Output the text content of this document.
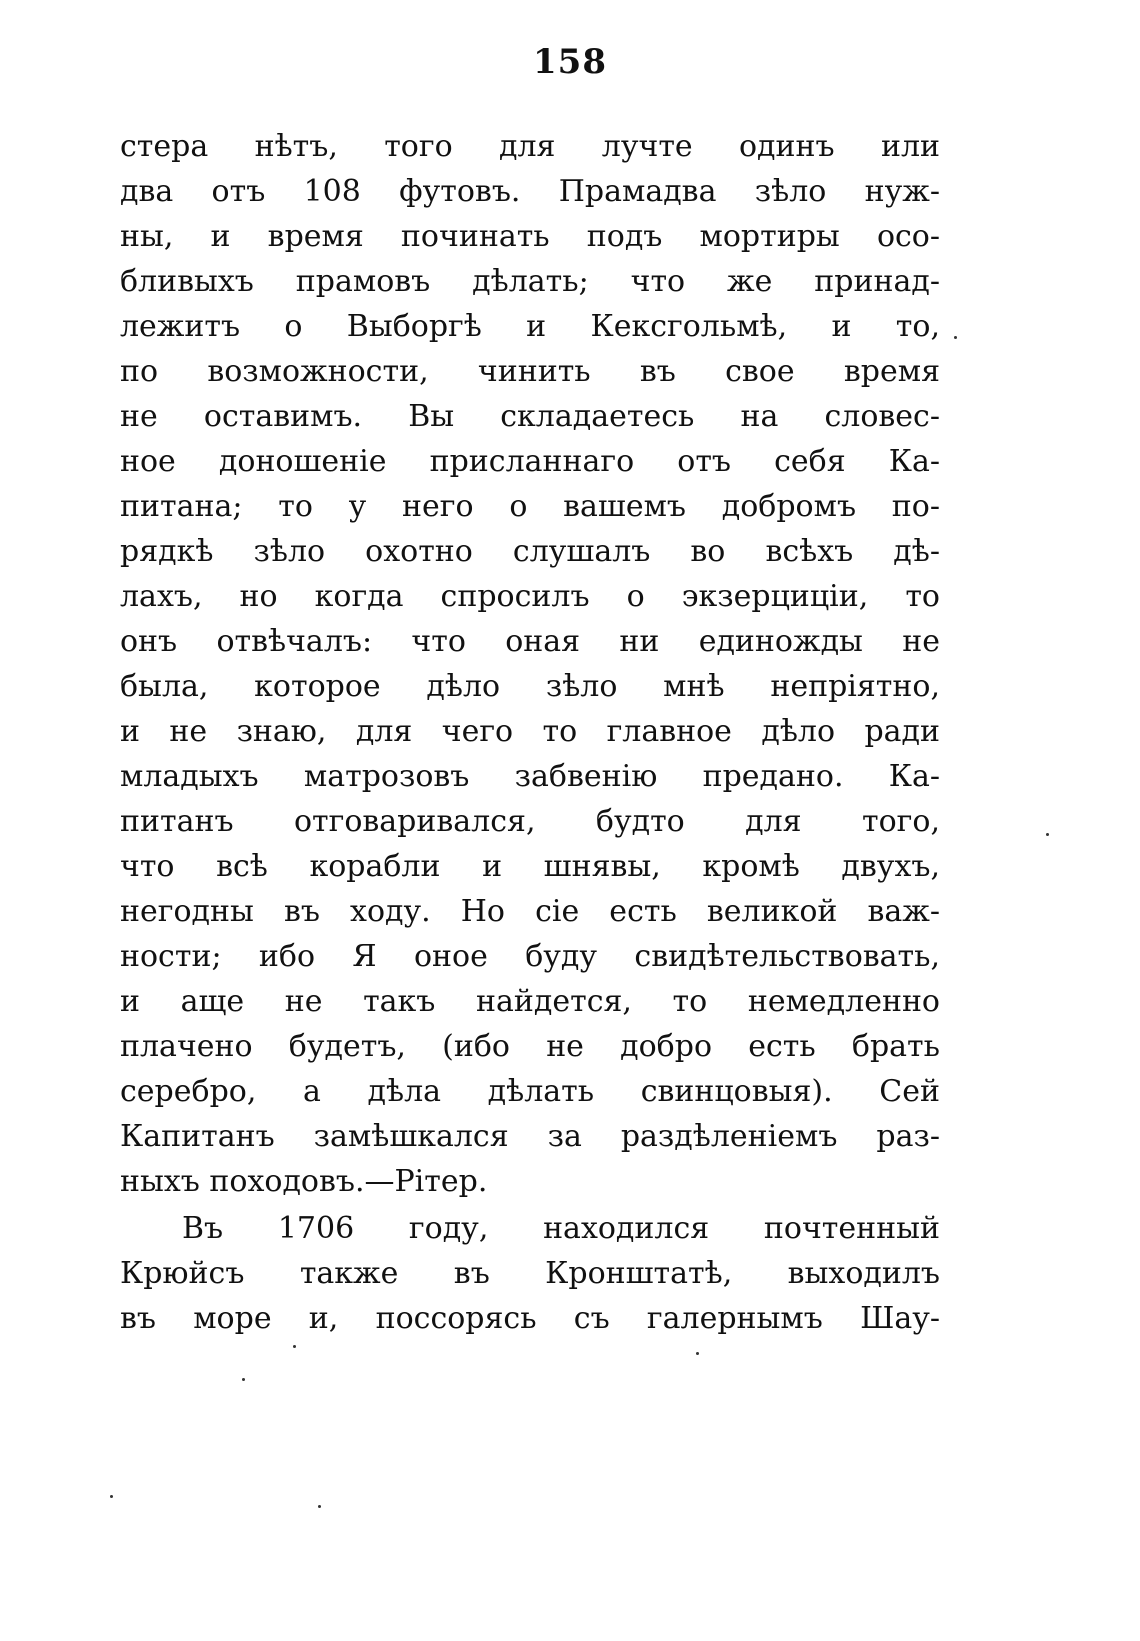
158
стера нѣтъ, того для лучте одинъ или
два отъ 108 футовъ. Прамадва зѣло нуж-
ны, и время починать подъ мортиры осо-
бливыхъ прамовъ дѣлать; что же принад-
лежитъ о Выборгѣ и Кексгольмѣ, и то,
по возможности, чинить въ свое время
не оставимъ. Вы складаетесь на словес-
ное доношеніе присланнаго отъ себя Ка-
питана; то у него о вашемъ добромъ по-
рядкѣ зѣло охотно слушалъ во всѣхъ дѣ-
лахъ, но когда спросилъ о экзерциціи, то
онъ отвѣчалъ: что оная ни единожды не
была, которое дѣло зѣло мнѣ непріятно,
и не знаю, для чего то главное дѣло ради
младыхъ матрозовъ забвенію предано. Ка-
питанъ отговаривался, будто для того,
что всѣ корабли и шнявы, кромѣ двухъ,
негодны въ ходу. Но сіе есть великой важ-
ности; ибо Я оное буду свидѣтельствовать,
и аще не такъ найдется, то немедленно
плачено будетъ, (ибо не добро есть брать
серебро, а дѣла дѣлать свинцовыя). Сей
Капитанъ замѣшкался за раздѣленіемъ раз-
ныхъ походовъ.—Piтeр.
Въ 1706 году, находился почтенный
Крюйсъ также въ Кронштатѣ, выходилъ
въ море и, поссорясь съ галернымъ Шау-
